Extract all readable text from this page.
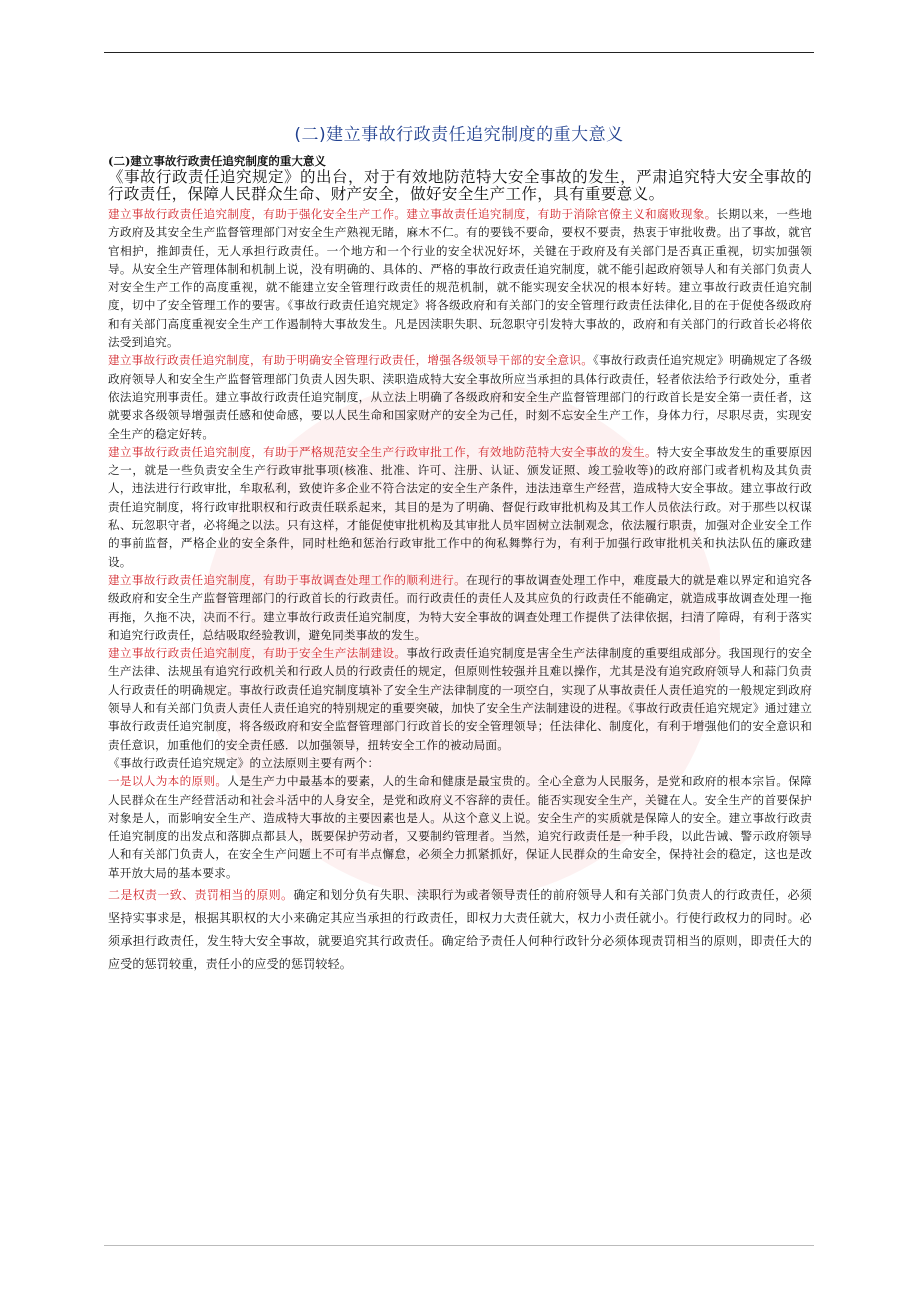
(二)建立事故行政责任追究制度的重大意义

(二)建立事故行政责任追究制度的重大意义

《事故行政责任追究规定》的出台，对于有效地防范特大安全事故的发生，严肃追究特大安全事故的行政责任，保障人民群众生命、财产安全，做好安全生产工作，具有重要意义。

建立事故行政责任追究制度，有助于强化安全生产工作。建立事故责任追究制度，有助于消除官僚主义和腐败现象。长期以来，一些地方政府及其安全生产监督管理部门对安全生产熟视无睹，麻木不仁。有的要钱不要命，要权不要责，热衷于审批收费。出了事故，就官官相护，推卸责任，无人承担行政责任。一个地方和一个行业的安全状况好坏，关键在于政府及有关部门是否真正重视，切实加强领导。从安全生产管理体制和机制上说，没有明确的、具体的、严格的事故行政责任追究制度，就不能引起政府领导人和有关部门负责人对安全生产工作的高度重视，就不能建立安全管理行政责任的规范机制，就不能实现安全状况的根本好转。建立事故行政责任追究制度，切中了安全管理工作的要害。《事故行政责任追究规定》将各级政府和有关部门的安全管理行政责任法律化,目的在于促使各级政府和有关部门高度重视安全生产工作遏制特大事故发生。凡是因渎职失职、玩忽职守引发特大事故的，政府和有关部门的行政首长必将依法受到追究。

建立事故行政责任追究制度，有助于明确安全管理行政责任，增强各级领导干部的安全意识。《事故行政责任追究规定》明确规定了各级政府领导人和安全生产监督管理部门负责人因失职、渎职造成特大安全事故所应当承担的具体行政责任，轻者依法给予行政处分，重者依法追究刑事责任。建立事故行政责任追究制度，从立法上明确了各级政府和安全生产监督管理部门的行政首长是安全第一责任者，这就要求各级领导增强责任感和使命感，要以人民生命和国家财产的安全为己任，时刻不忘安全生产工作，身体力行，尽职尽责，实现安全生产的稳定好转。

建立事故行政责任追究制度，有助于严格规范安全生产行政审批工作，有效地防范特大安全事故的发生。特大安全事故发生的重要原因之一，就是一些负责安全生产行政审批事项(核准、批准、许可、注册、认证、颁发证照、竣工验收等)的政府部门或者机构及其负责人，违法进行行政审批，牟取私利，致使许多企业不符合法定的安全生产条件，违法违章生产经营，造成特大安全事故。建立事故行政责任追究制度，将行政审批职权和行政责任联系起来，其目的是为了明确、督促行政审批机构及其工作人员依法行政。对于那些以权谋私、玩忽职守者，必将绳之以法。只有这样，才能促使审批机构及其审批人员牢固树立法制观念，依法履行职责，加强对企业安全工作的事前监督，严格企业的安全条件，同时杜绝和惩治行政审批工作中的徇私舞弊行为，有利于加强行政审批机关和执法队伍的廉政建设。

建立事故行政责任追究制度，有助于事故调查处理工作的顺利进行。在现行的事故调查处理工作中，难度最大的就是难以界定和追究各级政府和安全生产监督管理部门的行政首长的行政责任。而行政责任的责任人及其应负的行政责任不能确定，就造成事故调查处理一拖再拖，久拖不决，决而不行。建立事故行政责任追究制度，为特大安全事故的调查处理工作提供了法律依据，扫清了障碍，有利于落实和追究行政责任，总结吸取经验教训，避免同类事故的发生。

建立事故行政责任追究制度，有助于安全生产法制建设。事故行政责任追究制度是害全生产法律制度的重要组成部分。我国现行的安全生产法律、法规虽有追究行政机关和行政人员的行政责任的规定，但原则性较强并且难以操作，尤其是没有追究政府领导人和蒜门负责人行政责任的明确规定。事故行政责任追究制度填补了安全生产法律制度的一项空白，实现了从事故责任人责任追究的一般规定到政府领导人和有关部门负责人责任人责任追究的特别规定的重要突破，加快了安全生产法制建设的进程。《事故行政责任追究规定》通过建立事故行政责任追究制度，将各级政府和安全监督管理部门行政首长的安全管理领导；任法律化、制度化，有利于增强他们的安全意识和责任意识，加重他们的安全责任感．以加强领导，扭转安全工作的被动局面。

《事故行政责任追究规定》的立法原则主要有两个：

一是以人为本的原则。人是生产力中最基本的要素，人的生命和健康是最宝贵的。全心全意为人民服务，是党和政府的根本宗旨。保障人民群众在生产经营活动和社会斗活中的人身安全，是党和政府义不容辞的责任。能否实现安全生产，关键在人。安全生产的首要保护对象是人，而影响安全生产、造成特大事故的主要因素也是人。从这个意义上说。安全生产的实质就是保障人的安全。建立事故行政责任追究制度的出发点和落脚点都县人，既要保护劳动者，又要制约管理者。当然，追究行政责任是一种手段，以此告诫、警示政府领导人和有关部门负责人，在安全生产问题上不可有半点懈怠，必须全力抓紧抓好，保证人民群众的生命安全，保持社会的稳定，这也是改革开放大局的基本要求。

二是权责一致、责罚相当的原则。确定和划分负有失职、渎职行为或者领导责任的前府领导人和有关部门负责人的行政责任，必须坚持实事求是，根据其职权的大小来确定其应当承担的行政责任，即权力大责任就大，权力小责任就小。行使行政权力的同时。必须承担行政责任，发生特大安全事故，就要追究其行政责任。确定给予责任人何种行政针分必须体现责罚相当的原则，即责任大的应受的惩罚较重，责任小的应受的惩罚较轻。
